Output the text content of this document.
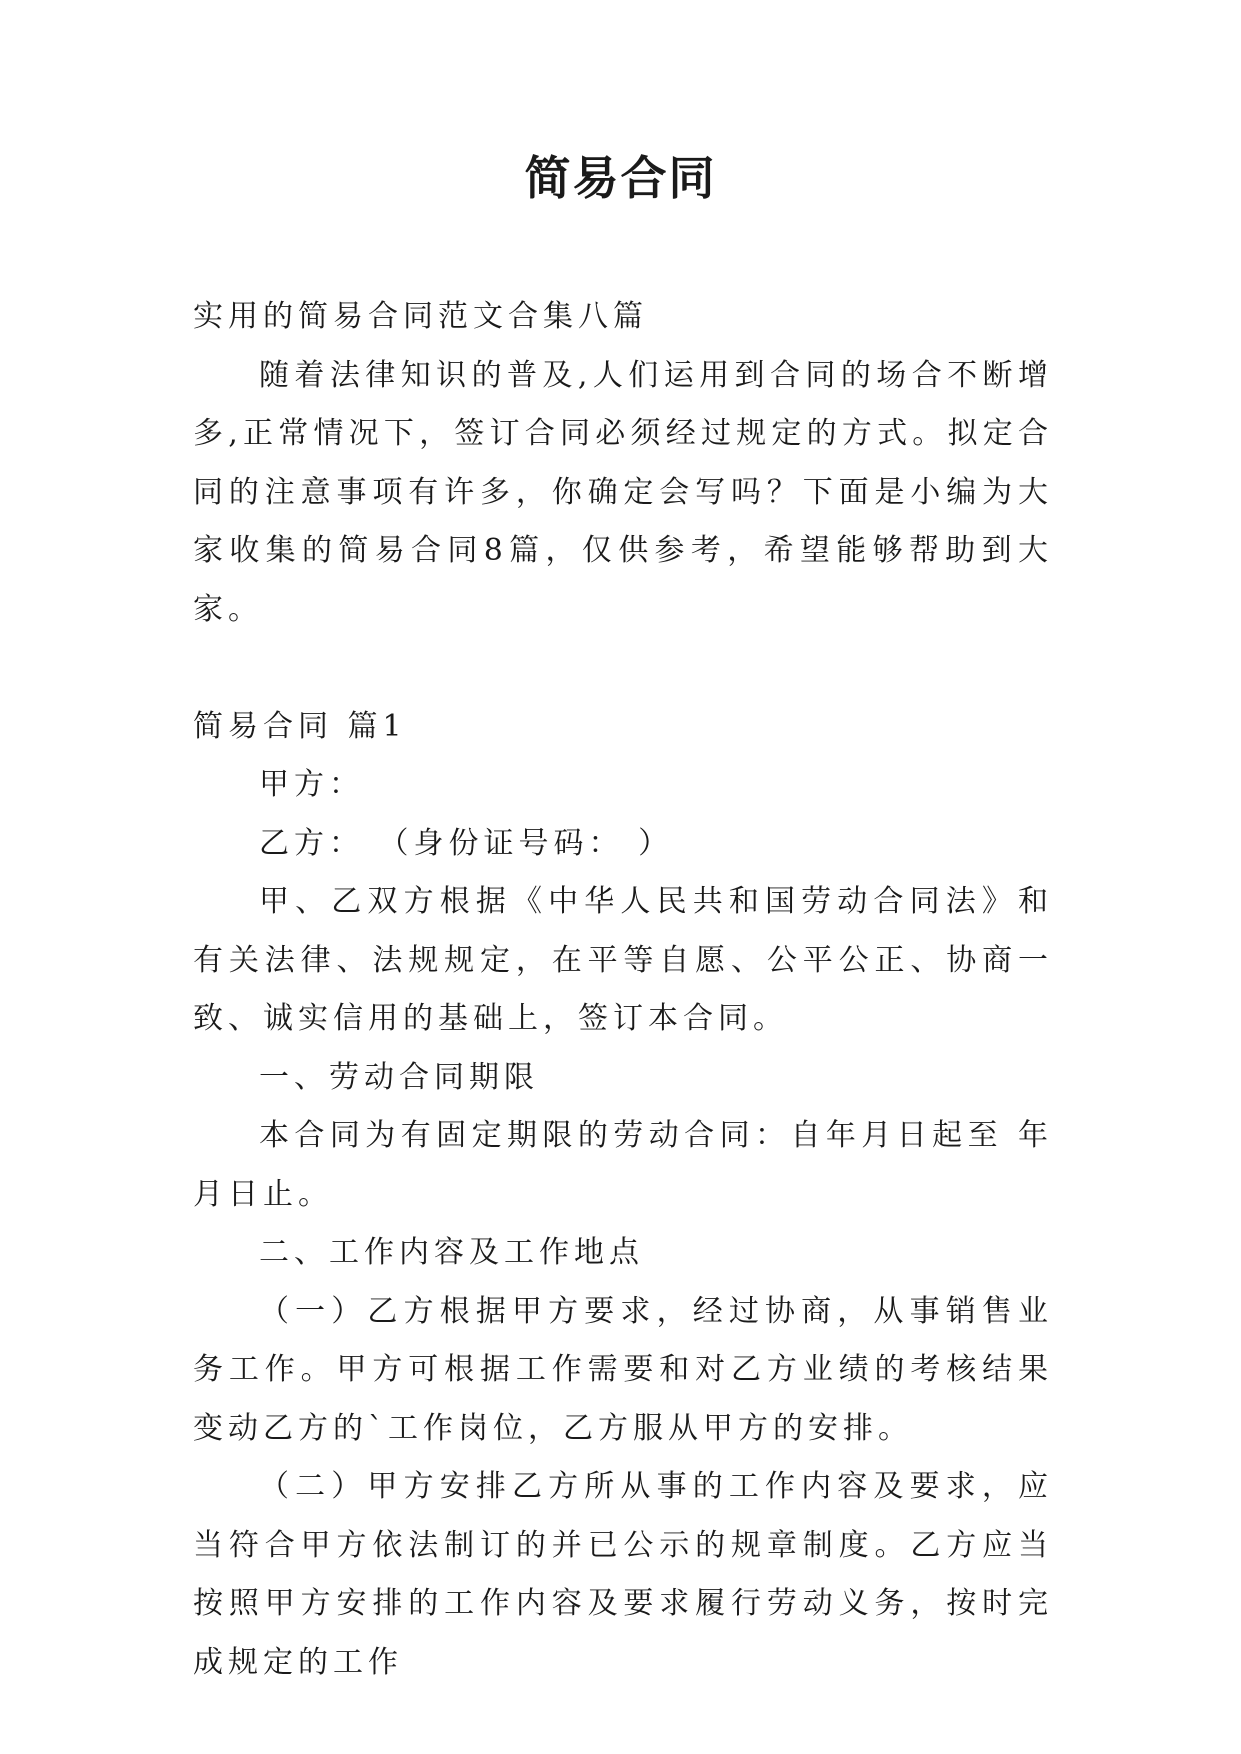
简易合同

实用的简易合同范文合集八篇

随着法律知识的普及,人们运用到合同的场合不断增多,正常情况下，签订合同必须经过规定的方式。拟定合同的注意事项有许多，你确定会写吗？下面是小编为大家收集的简易合同8篇，仅供参考，希望能够帮助到大家。

简易合同 篇1

甲方：

乙方： （身份证号码： ）

甲、乙双方根据《中华人民共和国劳动合同法》和有关法律、法规规定，在平等自愿、公平公正、协商一致、诚实信用的基础上，签订本合同。

一、劳动合同期限

本合同为有固定期限的劳动合同：自年月日起至 年月日止。

二、工作内容及工作地点

（一）乙方根据甲方要求，经过协商，从事销售业务工作。甲方可根据工作需要和对乙方业绩的考核结果变动乙方的`工作岗位，乙方服从甲方的安排。

（二）甲方安排乙方所从事的工作内容及要求，应当符合甲方依法制订的并已公示的规章制度。乙方应当按照甲方安排的工作内容及要求履行劳动义务，按时完成规定的工作
